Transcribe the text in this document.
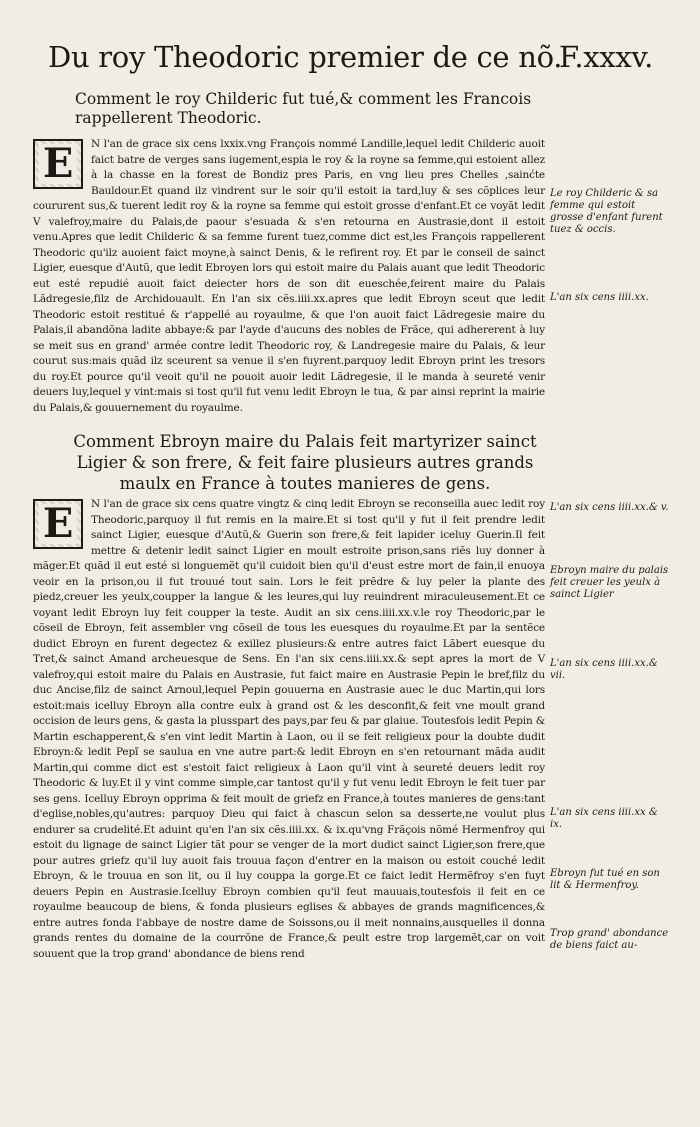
Du roy Theodoric premier de ce nõ.
F.xxxv.
Comment le roy Childeric fut tué,& comment les Francois rappellerent Theodoric.
E	N l'an de grace six cens lxxix.vng François nommé Landille,lequel ledit Childeric auoit faict batre de verges sans iugement,espia le roy & la royne sa femme,qui estoient allez à la chasse en la forest de Bondiz pres Paris, en vng lieu pres Chelles ,sainćte Bauldour.Et quand ilz vindrent sur le soir qu'il estoit ia tard,luy & ses cõplices leur coururent sus,& tuerent ledit roy & la royne sa femme qui estoit grosse d'enfant.Et ce voyãt ledit V valefroy,maire du Palais,de paour s'esuada & s'en retourna en Austrasie,dont il estoit venu.Apres que ledit Childeric & sa femme furent tuez,comme dict est,les François rappellerent Theodoric qu'ilz auoient faict moyne,à sainct Denis, & le refirent roy. Et par le conseil de sainct Ligier, euesque d'Autũ, que ledit Ebroyen lors qui estoit maire du Palais auant que ledit Theodoric eut esté repudié auoit faict deiecter hors de son dit eueschée,feirent maire du Palais Lãdregesie,filz de Archidouault. En l'an six cẽs.iiii.xx.apres que ledit Ebroyn sceut que ledit Theodoric estoit restitué & r'appellé au royaulme, & que l'on auoit faict Lãdregesie maire du Palais,il abandõna ladite abbaye:& par l'ayde d'aucuns des nobles de Frãce, qui adhererent à luy se meit sus en grand' armée contre ledit Theodoric roy, & Landregesie maire du Palais, & leur courut sus:mais quãd ilz sceurent sa venue il s'en fuyrent.parquoy ledit Ebroyn print les tresors du roy.Et pource qu'il veoit qu'il ne pouoit auoir ledit Lãdregesie, il le manda à seureté venir deuers luy,lequel y vint:mais si tost qu'il fut venu ledit Ebroyn le tua, & par ainsi reprint la mairie du Palais,& gouuernement du royaulme.
Comment Ebroyn maire du Palais feit martyrizer sainct Ligier & son frere, & feit faire plusieurs autres grands maulx en France à toutes manieres de gens.
E	N l'an de grace six cens quatre vingtz & cinq ledit Ebroyn se reconseilla auec ledit roy Theodoric,parquoy il fut remis en la maire.Et si tost qu'il y fut il feit prendre ledit sainct Ligier, euesque d'Autũ,& Guerin son frere,& feit lapider iceluy Guerin.Il feit mettre & detenir ledit sainct Ligier en moult estroite prison,sans riẽs luy donner à mãger.Et quãd il eut esté si longuemẽt qu'il cuidoit bien qu'il d'eust estre mort de fain,il enuoya veoir en la prison,ou il fut trouué tout sain. Lors le feit prẽdre & luy peler la plante des piedz,creuer les yeulx,coupper la langue & les leures,qui luy reuindrent miraculeusement.Et ce voyant ledit Ebroyn luy feit coupper la teste. Audit an six cens.iiii.xx.v.le roy Theodoric,par le cõseil de Ebroyn, feit assembler vng cõseil de tous les euesques du royaulme.Et par la sentẽce dudict Ebroyn en furent degectez & exillez plusieurs:& entre autres faict Lãbert euesque du Tret,& sainct Amand archeuesque de Sens. En l'an six cens.iiii.xx.& sept apres la mort de V valefroy,qui estoit maire du Palais en Austrasie, fut faict maire en Austrasie Pepin le bref,filz du duc Ancise,filz de sainct Arnoul,lequel Pepin gouuerna en Austrasie auec le duc Martin,qui lors estoit:mais icelluy Ebroyn alla contre eulx à grand ost & les desconfit,& feit vne moult grand occision de leurs gens, & gasta la plusspart des pays,par feu & par glaiue. Toutesfois ledit Pepin & Martin eschapperent,& s'en vint ledit Martin à Laon, ou il se feit religieux pour la doubte dudit Ebroyn:& ledit Pepĩ se saulua en vne autre part:& ledit Ebroyn en s'en retournant mãda audit Martin,qui comme dict est s'estoit faict religieux à Laon qu'il vint à seureté deuers ledit roy Theodoric & luy.Et il y vint comme simple,car tantost qu'il y fut venu ledit Ebroyn le feit tuer par ses gens. Icelluy Ebroyn opprima & feit moult de griefz en France,à toutes manieres de gens:tant d'eglise,nobles,qu'autres: parquoy Dieu qui faict à chascun selon sa desserte,ne voulut plus endurer sa crudelité.Et aduint qu'en l'an six cẽs.iiii.xx. & ix.qu'vng Frãçois nõmé Hermenfroy qui estoit du lignage de sainct Ligier tãt pour se venger de la mort dudict sainct Ligier,son frere,que pour autres griefz qu'il luy auoit fais trouua façon d'entrer en la maison ou estoit couché ledit Ebroyn, & le trouua en son lit, ou il luy couppa la gorge.Et ce faict ledit Hermẽfroy s'en fuyt deuers Pepin en Austrasie.Icelluy Ebroyn combien qu'il feut mauuais,toutesfois il feit en ce royaulme beaucoup de biens, & fonda plusieurs eglises & abbayes de grands magnificences,& entre autres fonda l'abbaye de nostre dame de Soissons,ou il meit nonnains,ausquelles il donna grands rentes du domaine de la courrõne de France,& peult estre trop largemẽt,car on voit souuent que la trop grand' abondance de biens rend
Le roy Childeric & sa femme qui estoit grosse d'enfant furent tuez & occis.
L'an six cens iiii.xx.
L'an six cens iiii.xx.& v.
Ebroyn maire du palais feit creuer les yeulx à sainct Ligier
L'an six cens iiii.xx.& vii.
L'an six cens iiii.xx & ix.
Ebroyn fut tué en son lit & Hermenfroy.
Trop grand' abondance de biens faict au-
